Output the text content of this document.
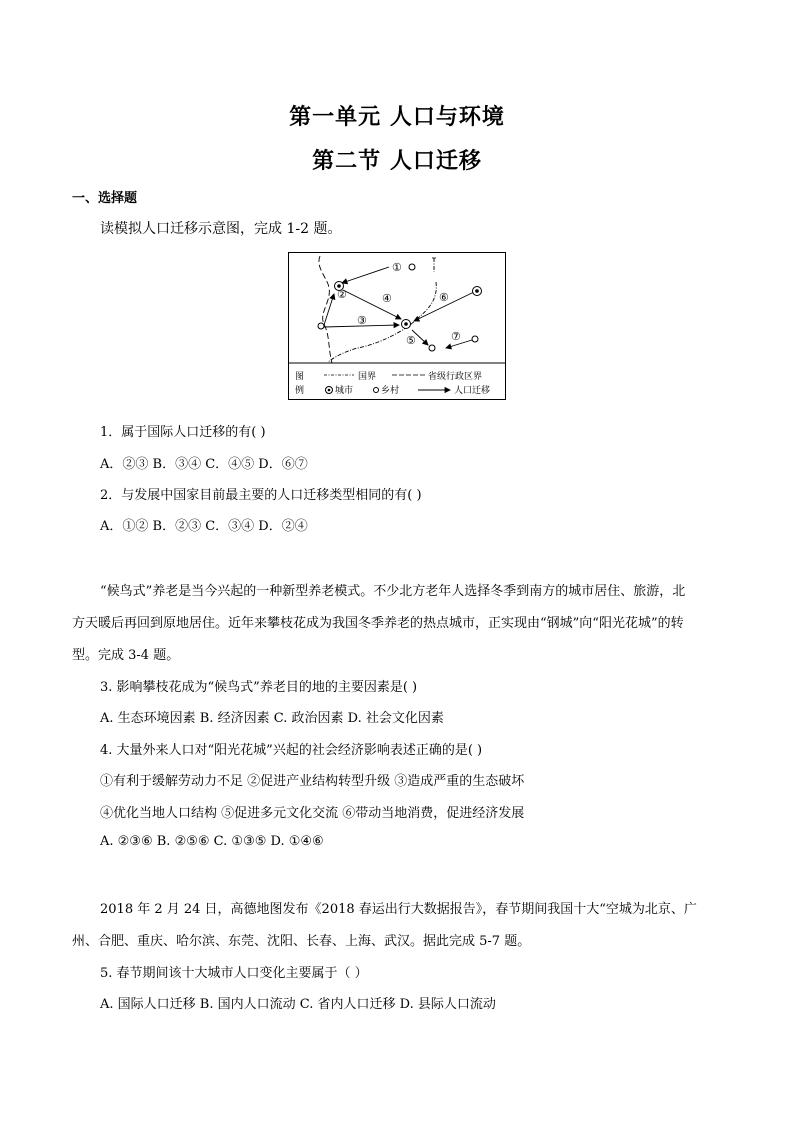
第一单元 人口与环境
第二节 人口迁移
一、选择题
读模拟人口迁移示意图，完成 1-2 题。
①
②
③
④
⑤
⑥
⑦
图
例
国界	省级行政区界
城市	乡村	人口迁移
1．属于国际人口迁移的有( )
A．②③ B．③④ C．④⑤ D．⑥⑦
2．与发展中国家目前最主要的人口迁移类型相同的有( )
A．①② B．②③ C．③④ D．②④
“候鸟式”养老是当今兴起的一种新型养老模式。不少北方老年人选择冬季到南方的城市居住、旅游，北
方天暖后再回到原地居住。近年来攀枝花成为我国冬季养老的热点城市，正实现由“钢城”向“阳光花城”的转
型。完成 3-4 题。
3. 影响攀枝花成为“候鸟式”养老目的地的主要因素是( )
A. 生态环境因素 B. 经济因素 C. 政治因素 D. 社会文化因素
4. 大量外来人口对“阳光花城”兴起的社会经济影响表述正确的是( )
①有利于缓解劳动力不足 ②促进产业结构转型升级 ③造成严重的生态破坏
④优化当地人口结构 ⑤促进多元文化交流 ⑥带动当地消费，促进经济发展
A. ②③⑥ B. ②⑤⑥ C. ①③⑤ D. ①④⑥
2018 年 2 月 24 日，高德地图发布《2018 春运出行大数据报告》，春节期间我国十大“空城为北京、广
州、合肥、重庆、哈尔滨、东莞、沈阳、长春、上海、武汉。据此完成 5-7 题。
5. 春节期间该十大城市人口变化主要属于（ ）
A. 国际人口迁移 B. 国内人口流动 C. 省内人口迁移 D. 县际人口流动
